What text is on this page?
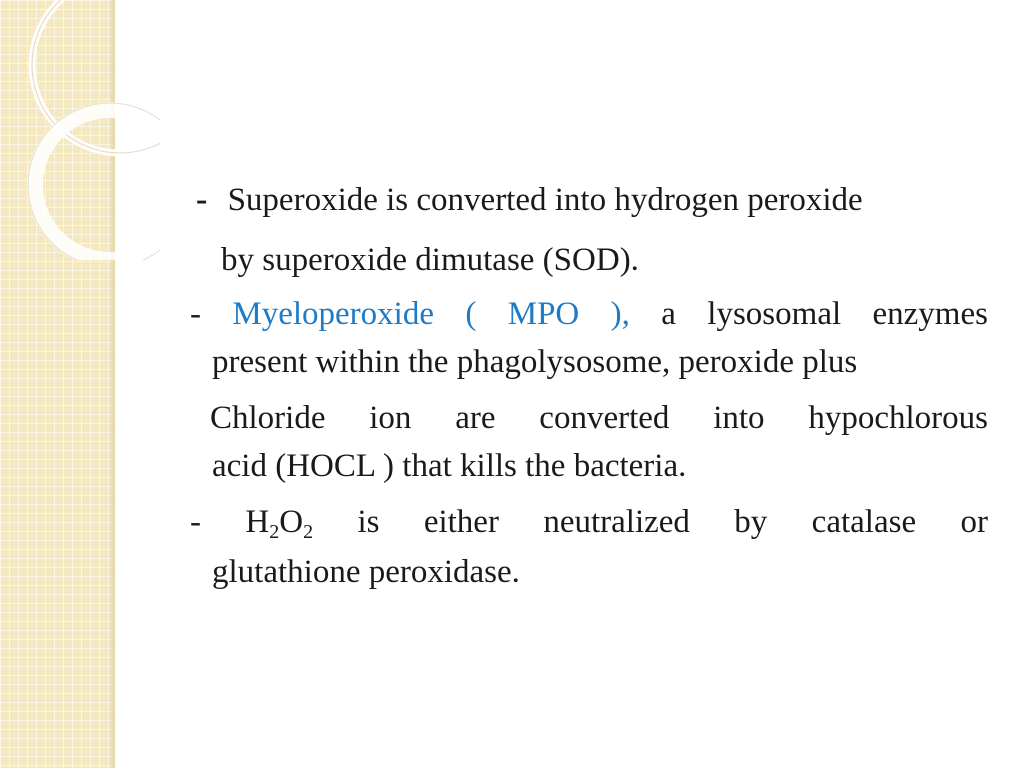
- Superoxide is converted into hydrogen peroxide
by superoxide dimutase (SOD).
- Myeloperoxide ( MPO ), a lysosomal enzymes
present within the phagolysosome, peroxide plus
Chloride ion are converted into hypochlorous
acid (HOCL ) that kills the bacteria.
- $H_2O_2$ is either neutralized by catalase or
glutathione peroxidase.
